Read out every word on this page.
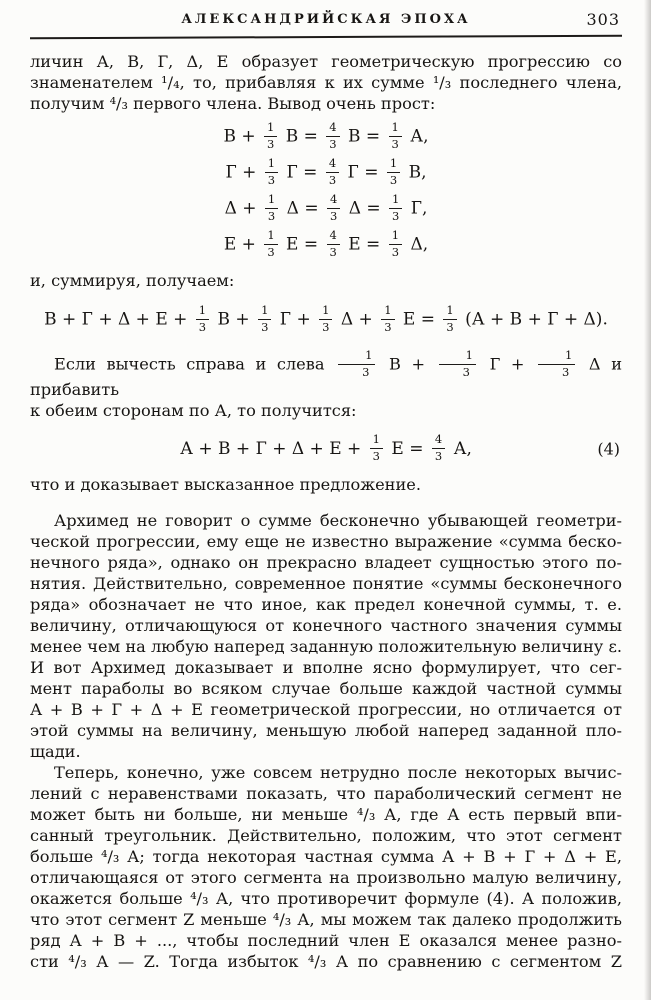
АЛЕКСАНДРИЙСКАЯ ЭПОХА	303
личин А, В, Г, Δ, Е образует геометрическую прогрессию со
знаменателем ¹/₄, то, прибавляя к их сумме ¹/₃ последнего члена,
получим ⁴/₃ первого члена. Вывод очень прост:
$В + \frac{1}{3}$ $В = \frac{4}{3}$ $В = \frac{1}{3} А$,
$Г + \frac{1}{3}$ $Г = \frac{4}{3}$ $Г = \frac{1}{3} В$,
$\Delta + \frac{1}{3}$ $\Delta = \frac{4}{3}$ $\Delta = \frac{1}{3} Г$,
$Е + \frac{1}{3}$ $Е = \frac{4}{3}$ $Е = \frac{1}{3} \Delta$,
и, суммируя, получаем:
$В + Г + \Delta + Е + \frac{1}{3}$ $В + \frac{1}{3}$ $Г + \frac{1}{3}$ $\Delta + \frac{1}{3}$ $Е = \frac{1}{3} (А + В + Г + \Delta)$.
Если вычесть справа и слева $\frac{1}{3}$ $В + \frac{1}{3}$ $Г + \frac{1}{3}$ Δ и прибавить
к обеим сторонам по А, то получится:
$А + В + Г + \Delta + Е + \frac{1}{3}$ $Е = \frac{4}{3} А$,	(4)
что и доказывает высказанное предложение.
Архимед не говорит о сумме бесконечно убывающей геометри-
ческой прогрессии, ему еще не известно выражение «сумма беско-
нечного ряда», однако он прекрасно владеет сущностью этого по-
нятия. Действительно, современное понятие «суммы бесконечного
ряда» обозначает не что иное, как предел конечной суммы, т. е.
величину, отличающуюся от конечного частного значения суммы
менее чем на любую наперед заданную положительную величину ε.
И вот Архимед доказывает и вполне ясно формулирует, что сег-
мент параболы во всяком случае больше каждой частной суммы
А + В + Г + Δ + Е геометрической прогрессии, но отличается от
этой суммы на величину, меньшую любой наперед заданной пло-
щади.
Теперь, конечно, уже совсем нетрудно после некоторых вычис-
лений с неравенствами показать, что параболический сегмент не
может быть ни больше, ни меньше ⁴/₃ А, где А есть первый впи-
санный треугольник. Действительно, положим, что этот сегмент
больше ⁴/₃ А; тогда некоторая частная сумма А + В + Г + Δ + Е,
отличающаяся от этого сегмента на произвольно малую величину,
окажется больше ⁴/₃ А, что противоречит формуле (4). А положив,
что этот сегмент Z меньше ⁴/₃ А, мы можем так далеко продолжить
ряд А + В + ..., чтобы последний член Е оказался менее разно-
сти ⁴/₃ А — Z. Тогда избыток ⁴/₃ А по сравнению с сегментом Z
